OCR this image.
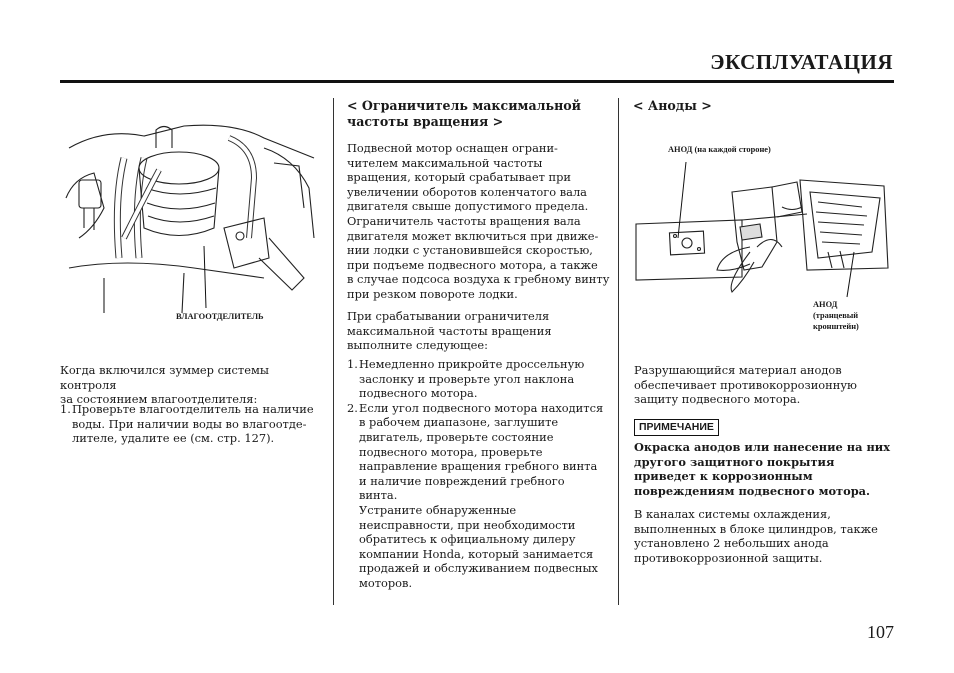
ЭКСПЛУАТАЦИЯ
ВЛАГООТДЕЛИТЕЛЬ

Когда включился зуммер системы контроля

за состоянием влагоотделителя:

1. Проверьте влагоотделитель на наличие

воды. При наличии воды во влагоотде-

лителе, удалите ее (см. стр. 127).

< Ограничитель максимальной
частоты вращения >

Подвесной мотор оснащен ограни-

чителем максимальной частоты

вращения, который срабатывает при

увеличении оборотов коленчатого вала

двигателя свыше допустимого предела.

Ограничитель частоты вращения вала

двигателя может включиться при движе-

нии лодки с установившейся скоростью,

при подъеме подвесного мотора, а также

в случае подсоса воздуха к гребному винту

при резком повороте лодки.

При срабатывании ограничителя

максимальной частоты вращения

выполните следующее:

1. Немедленно прикройте дроссельную

заслонку и проверьте угол наклона

подвесного мотора.

2. Если угол подвесного мотора находится

в рабочем диапазоне, заглушите

двигатель, проверьте состояние

подвесного мотора, проверьте

направление вращения гребного винта

и наличие повреждений гребного

винта.

Устраните обнаруженные

неисправности, при необходимости

обратитесь к официальному дилеру

компании Honda, который занимается

продажей и обслуживанием подвесных

моторов.

< Аноды >
АНОД (на каждой стороне)
АНОД
(транцевый
кронштейн)

Разрушающийся материал анодов

обеспечивает противокоррозионную

защиту подвесного мотора.

ПРИМЕЧАНИЕ

Окраска анодов или нанесение на них

другого защитного покрытия

приведет к коррозионным

повреждениям подвесного мотора.

В каналах системы охлаждения,

выполненных в блоке цилиндров, также

установлено 2 небольших анода

противокоррозионной защиты.

107
